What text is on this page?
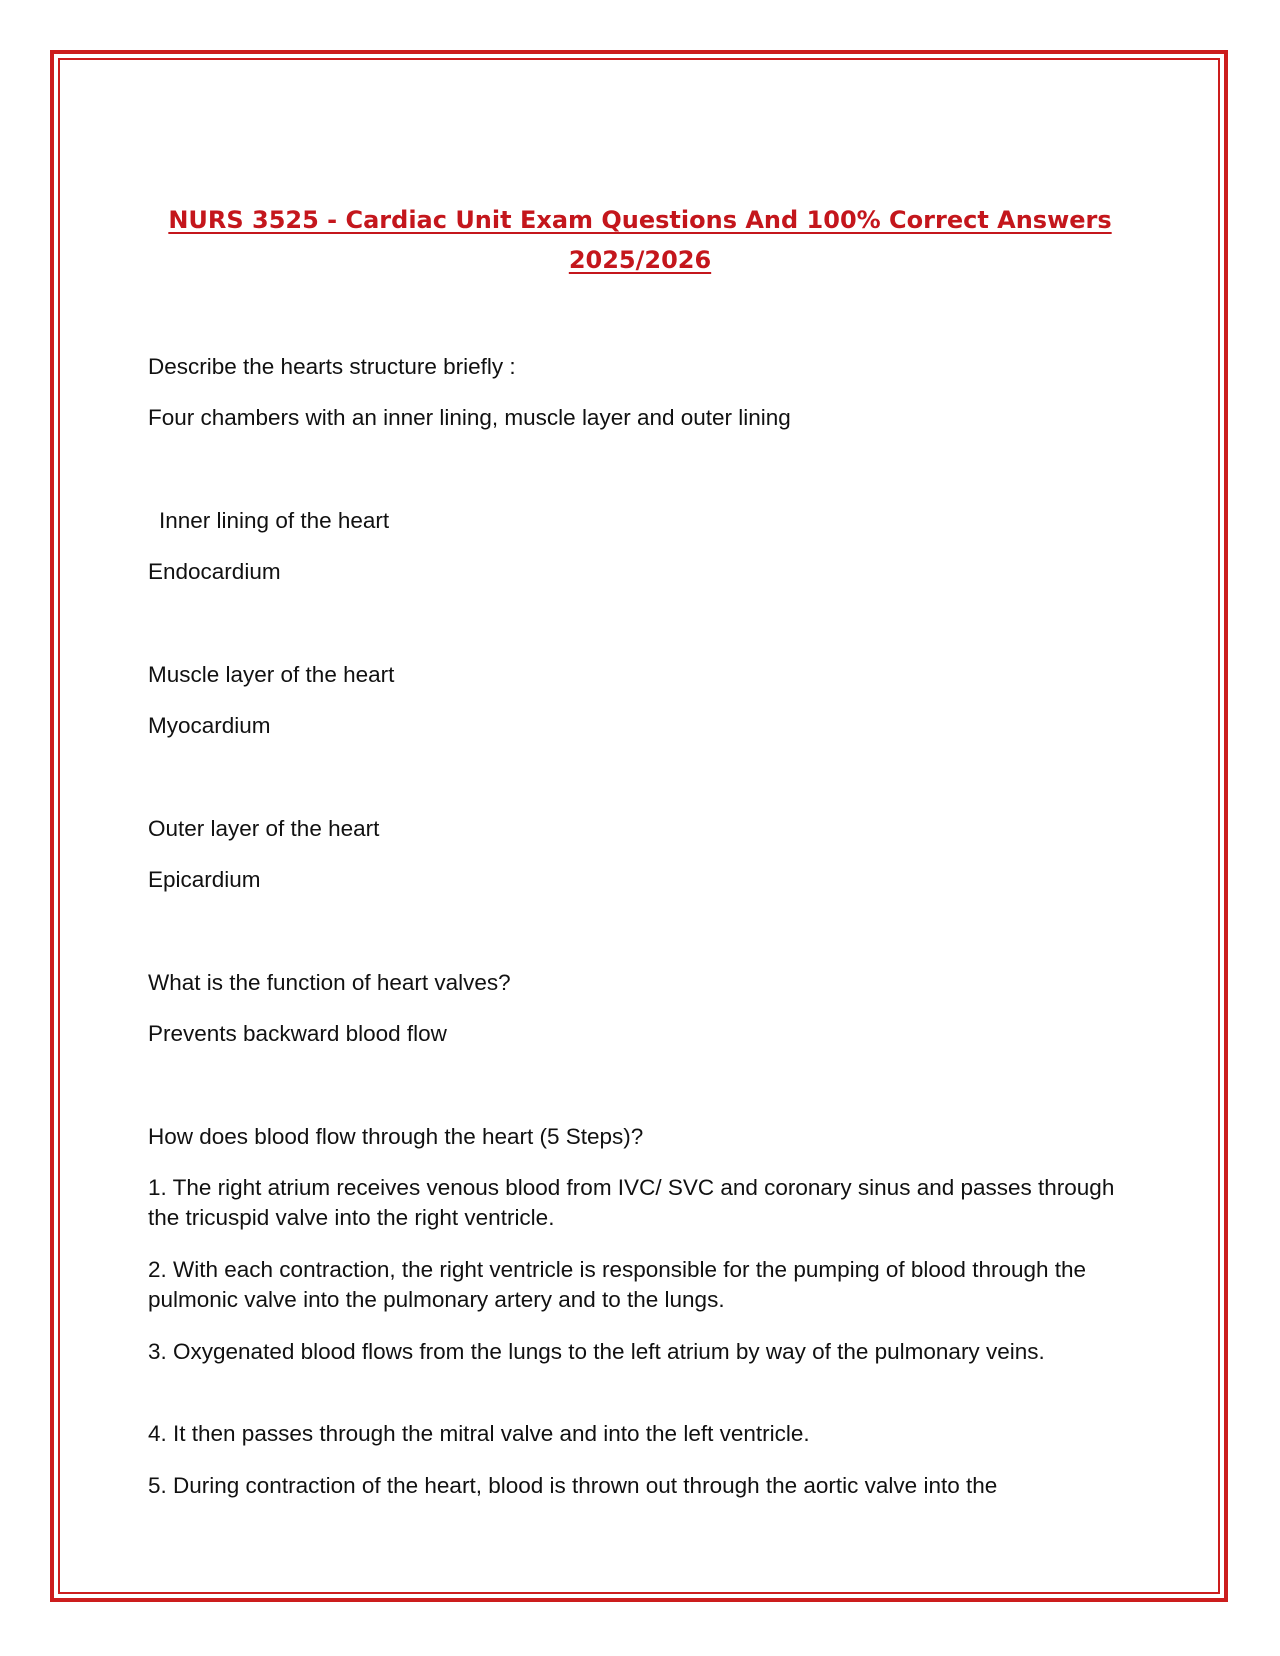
NURS 3525 - Cardiac Unit Exam Questions And 100% Correct Answers
2025/2026

Describe the hearts structure briefly :

Four chambers with an inner lining, muscle layer and outer lining

Inner lining of the heart

Endocardium

Muscle layer of the heart

Myocardium

Outer layer of the heart

Epicardium

What is the function of heart valves?

Prevents backward blood flow

How does blood flow through the heart (5 Steps)?

1. The right atrium receives venous blood from IVC/ SVC and coronary sinus and passes through the tricuspid valve into the right ventricle.

2. With each contraction, the right ventricle is responsible for the pumping of blood through the pulmonic valve into the pulmonary artery and to the lungs.

3. Oxygenated blood flows from the lungs to the left atrium by way of the pulmonary veins.

4. It then passes through the mitral valve and into the left ventricle.

5. During contraction of the heart, blood is thrown out through the aortic valve into the
